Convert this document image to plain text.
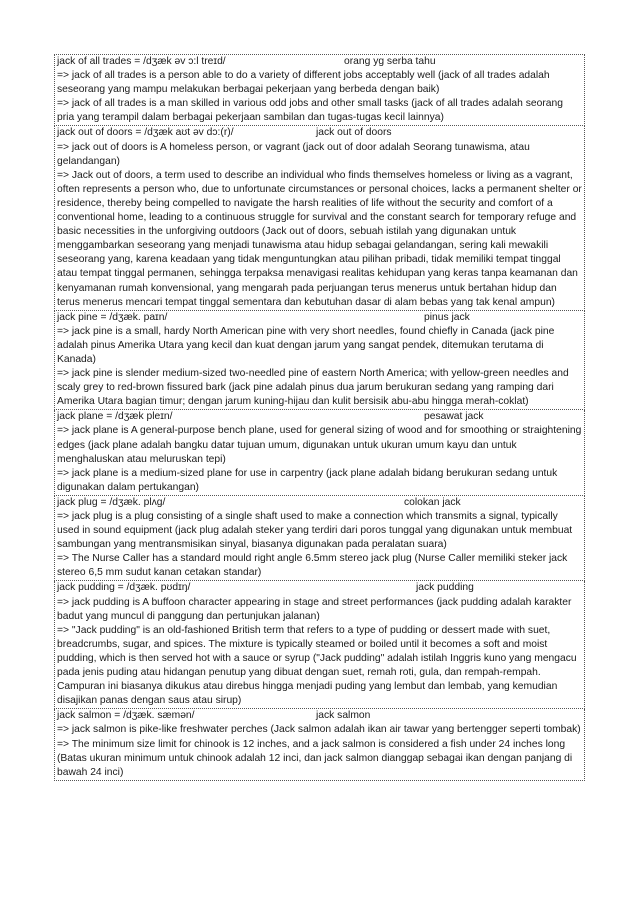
jack of all trades = /dʒæk əv ɔ:l treɪd/	orang yg serba tahu

=> jack of all trades is a person able to do a variety of different jobs acceptably well (jack of all trades adalah seseorang yang mampu melakukan berbagai pekerjaan yang berbeda dengan baik)

=> jack of all trades is a man skilled in various odd jobs and other small tasks (jack of all trades adalah seorang pria yang terampil dalam berbagai pekerjaan sambilan dan tugas-tugas kecil lainnya)

jack out of doors = /dʒæk aʊt əv dɔ:(r)/	jack out of doors

=> jack out of doors is A homeless person, or vagrant (jack out of door adalah Seorang tunawisma, atau gelandangan)

=> Jack out of doors, a term used to describe an individual who finds themselves homeless or living as a vagrant, often represents a person who, due to unfortunate circumstances or personal choices, lacks a permanent shelter or residence, thereby being compelled to navigate the harsh realities of life without the security and comfort of a conventional home, leading to a continuous struggle for survival and the constant search for temporary refuge and basic necessities in the unforgiving outdoors (Jack out of doors, sebuah istilah yang digunakan untuk menggambarkan seseorang yang menjadi tunawisma atau hidup sebagai gelandangan, sering kali mewakili seseorang yang, karena keadaan yang tidak menguntungkan atau pilihan pribadi, tidak memiliki tempat tinggal atau tempat tinggal permanen, sehingga terpaksa menavigasi realitas kehidupan yang keras tanpa keamanan dan kenyamanan rumah konvensional, yang mengarah pada perjuangan terus menerus untuk bertahan hidup dan terus menerus mencari tempat tinggal sementara dan kebutuhan dasar di alam bebas yang tak kenal ampun)

jack pine = /dʒæk. paɪn/	pinus jack

=> jack pine is a small, hardy North American pine with very short needles, found chiefly in Canada (jack pine adalah pinus Amerika Utara yang kecil dan kuat dengan jarum yang sangat pendek, ditemukan terutama di Kanada)

=> jack pine is slender medium-sized two-needled pine of eastern North America; with yellow-green needles and scaly grey to red-brown fissured bark (jack pine adalah pinus dua jarum berukuran sedang yang ramping dari Amerika Utara bagian timur; dengan jarum kuning-hijau dan kulit bersisik abu-abu hingga merah-coklat)

jack plane = /dʒæk pleɪn/	pesawat jack

=> jack plane is A general-purpose bench plane, used for general sizing of wood and for smoothing or straightening edges (jack plane adalah bangku datar tujuan umum, digunakan untuk ukuran umum kayu dan untuk menghaluskan atau meluruskan tepi)

=> jack plane is a medium-sized plane for use in carpentry (jack plane adalah bidang berukuran sedang untuk digunakan dalam pertukangan)

jack plug = /dʒæk. plʌg/	colokan jack

=> jack plug is a plug consisting of a single shaft used to make a connection which transmits a signal, typically used in sound equipment (jack plug adalah steker yang terdiri dari poros tunggal yang digunakan untuk membuat sambungan yang mentransmisikan sinyal, biasanya digunakan pada peralatan suara)

=> The Nurse Caller has a standard mould right angle 6.5mm stereo jack plug (Nurse Caller memiliki steker jack stereo 6,5 mm sudut kanan cetakan standar)

jack pudding = /dʒæk. pʊdɪŋ/	jack pudding

=> jack pudding is A buffoon character appearing in stage and street performances (jack pudding adalah karakter badut yang muncul di panggung dan pertunjukan jalanan)

=> "Jack pudding" is an old-fashioned British term that refers to a type of pudding or dessert made with suet, breadcrumbs, sugar, and spices. The mixture is typically steamed or boiled until it becomes a soft and moist pudding, which is then served hot with a sauce or syrup ("Jack pudding" adalah istilah Inggris kuno yang mengacu pada jenis puding atau hidangan penutup yang dibuat dengan suet, remah roti, gula, dan rempah-rempah. Campuran ini biasanya dikukus atau direbus hingga menjadi puding yang lembut dan lembab, yang kemudian disajikan panas dengan saus atau sirup)

jack salmon = /dʒæk. sæmən/	jack salmon

=> jack salmon is pike-like freshwater perches (Jack salmon adalah ikan air tawar yang bertengger seperti tombak)

=> The minimum size limit for chinook is 12 inches, and a jack salmon is considered a fish under 24 inches long (Batas ukuran minimum untuk chinook adalah 12 inci, dan jack salmon dianggap sebagai ikan dengan panjang di bawah 24 inci)
